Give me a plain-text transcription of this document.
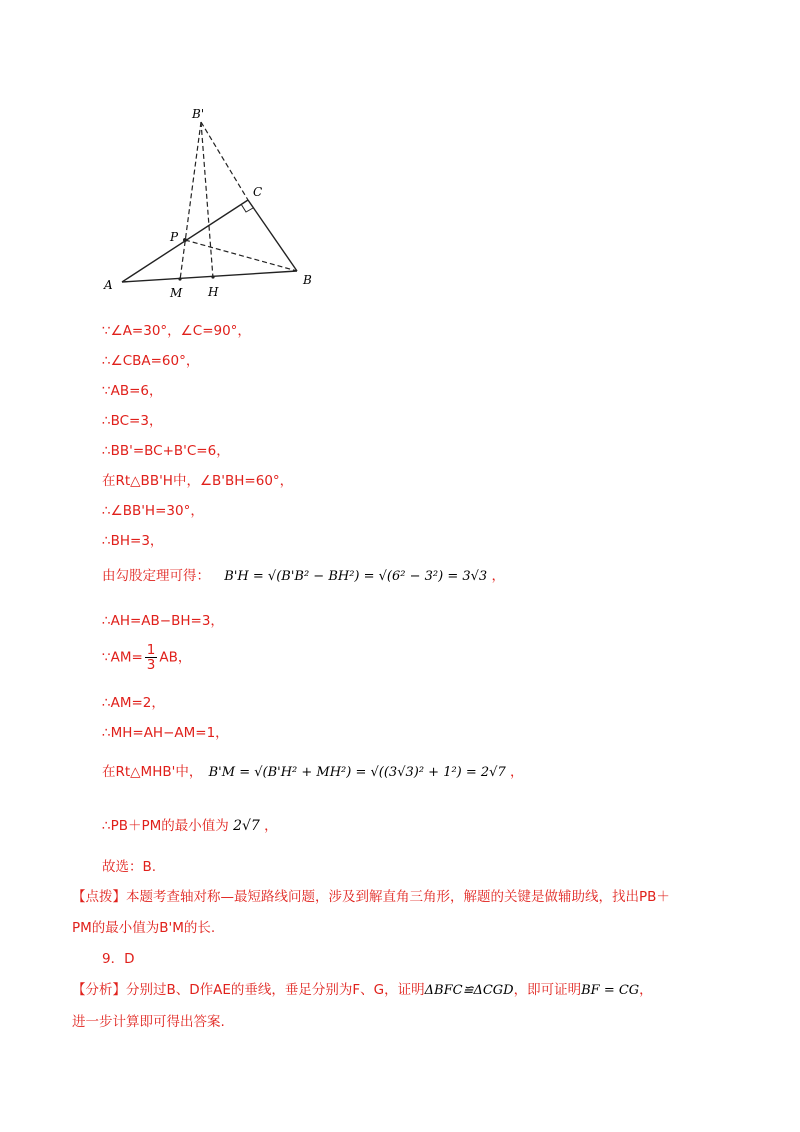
B'
C
P
A
M H
B
∵∠A=30°，∠C=90°，
∴∠CBA=60°，
∵AB=6，
∴BC=3，
∴BB'=BC+B'C=6，
在Rt△BB'H中，∠B'BH=60°，
∴∠BB'H=30°，
∴BH=3，
由勾股定理可得： B'H = √(B'B² − BH²) = √(6² − 3²) = 3√3 ，
∴AH=AB−BH=3，
∵AM= $\frac{1}{3}$ AB，
∴AM=2，
∴MH=AH−AM=1，
在Rt△MHB'中， B'M = √(B'H² + MH²) = √((3√3)² + 1²) = 2√7 ，
∴PB＋PM的最小值为 2√7 ，
故选：B.
【点拨】本题考查轴对称—最短路线问题，涉及到解直角三角形，解题的关键是做辅助线，找出PB＋
PM的最小值为B'M的长.
9．D
【分析】分别过B、D作AE的垂线，垂足分别为F、G，证明ΔBFC≌ΔCGD，即可证明BF = CG，
进一步计算即可得出答案.
